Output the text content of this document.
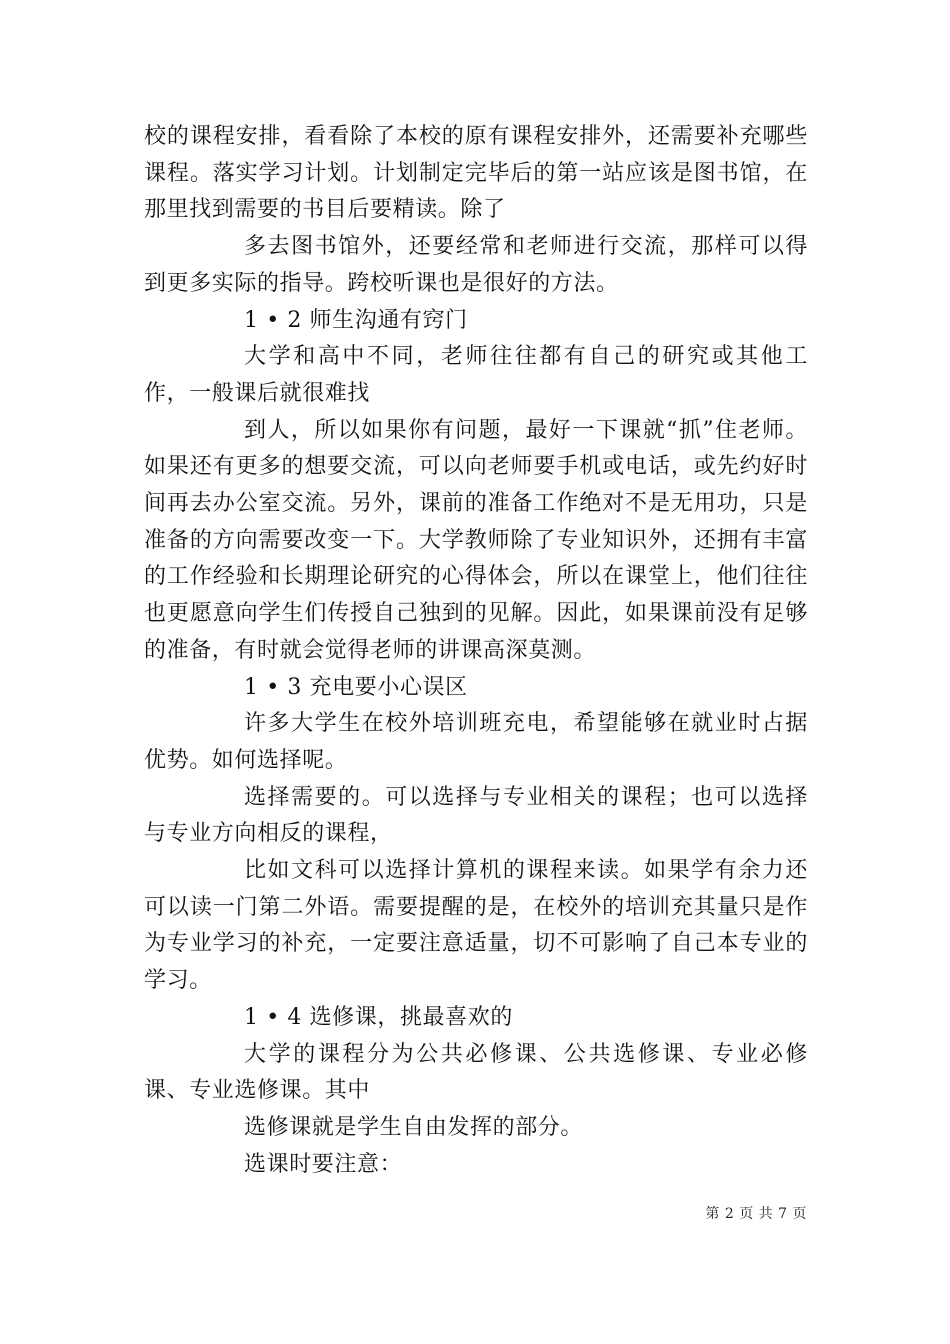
校的课程安排，看看除了本校的原有课程安排外，还需要补充哪些课程。落实学习计划。计划制定完毕后的第一站应该是图书馆，在那里找到需要的书目后要精读。除了

多去图书馆外，还要经常和老师进行交流，那样可以得到更多实际的指导。跨校听课也是很好的方法。

1 • 2 师生沟通有窍门

大学和高中不同，老师往往都有自己的研究或其他工作，一般课后就很难找

到人，所以如果你有问题，最好一下课就“抓”住老师。如果还有更多的想要交流，可以向老师要手机或电话，或先约好时间再去办公室交流。另外，课前的准备工作绝对不是无用功，只是准备的方向需要改变一下。大学教师除了专业知识外，还拥有丰富的工作经验和长期理论研究的心得体会，所以在课堂上，他们往往也更愿意向学生们传授自己独到的见解。因此，如果课前没有足够的准备，有时就会觉得老师的讲课高深莫测。

1 • 3 充电要小心误区

许多大学生在校外培训班充电，希望能够在就业时占据优势。如何选择呢。

选择需要的。可以选择与专业相关的课程；也可以选择与专业方向相反的课程，

比如文科可以选择计算机的课程来读。如果学有余力还可以读一门第二外语。需要提醒的是，在校外的培训充其量只是作为专业学习的补充，一定要注意适量，切不可影响了自己本专业的学习。

1 • 4 选修课，挑最喜欢的

大学的课程分为公共必修课、公共选修课、专业必修课、专业选修课。其中

选修课就是学生自由发挥的部分。

选课时要注意：

第 2 页 共 7 页
